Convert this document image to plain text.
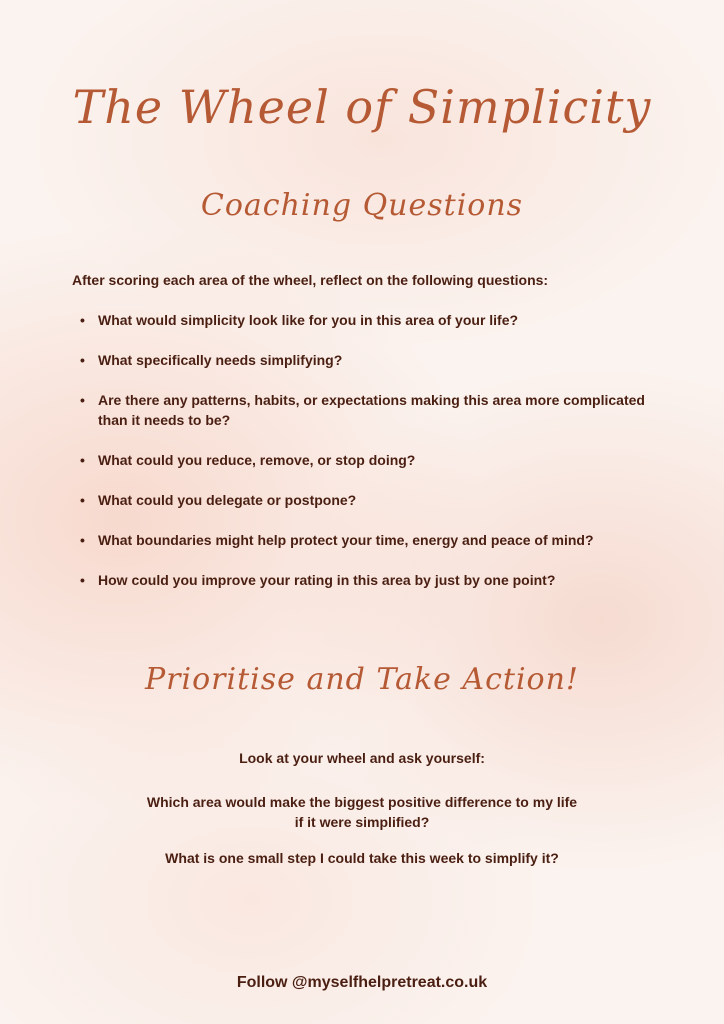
The Wheel of Simplicity
Coaching Questions

After scoring each area of the wheel, reflect on the following questions:

• What would simplicity look like for you in this area of your life?
• What specifically needs simplifying?
• Are there any patterns, habits, or expectations making this area more complicated than it needs to be?
• What could you reduce, remove, or stop doing?
• What could you delegate or postpone?
• What boundaries might help protect your time, energy and peace of mind?
• How could you improve your rating in this area by just by one point?
Prioritise and Take Action!

Look at your wheel and ask yourself:

Which area would make the biggest positive difference to my life
if it were simplified?

What is one small step I could take this week to simplify it?

Follow @myselfhelpretreat.co.uk
